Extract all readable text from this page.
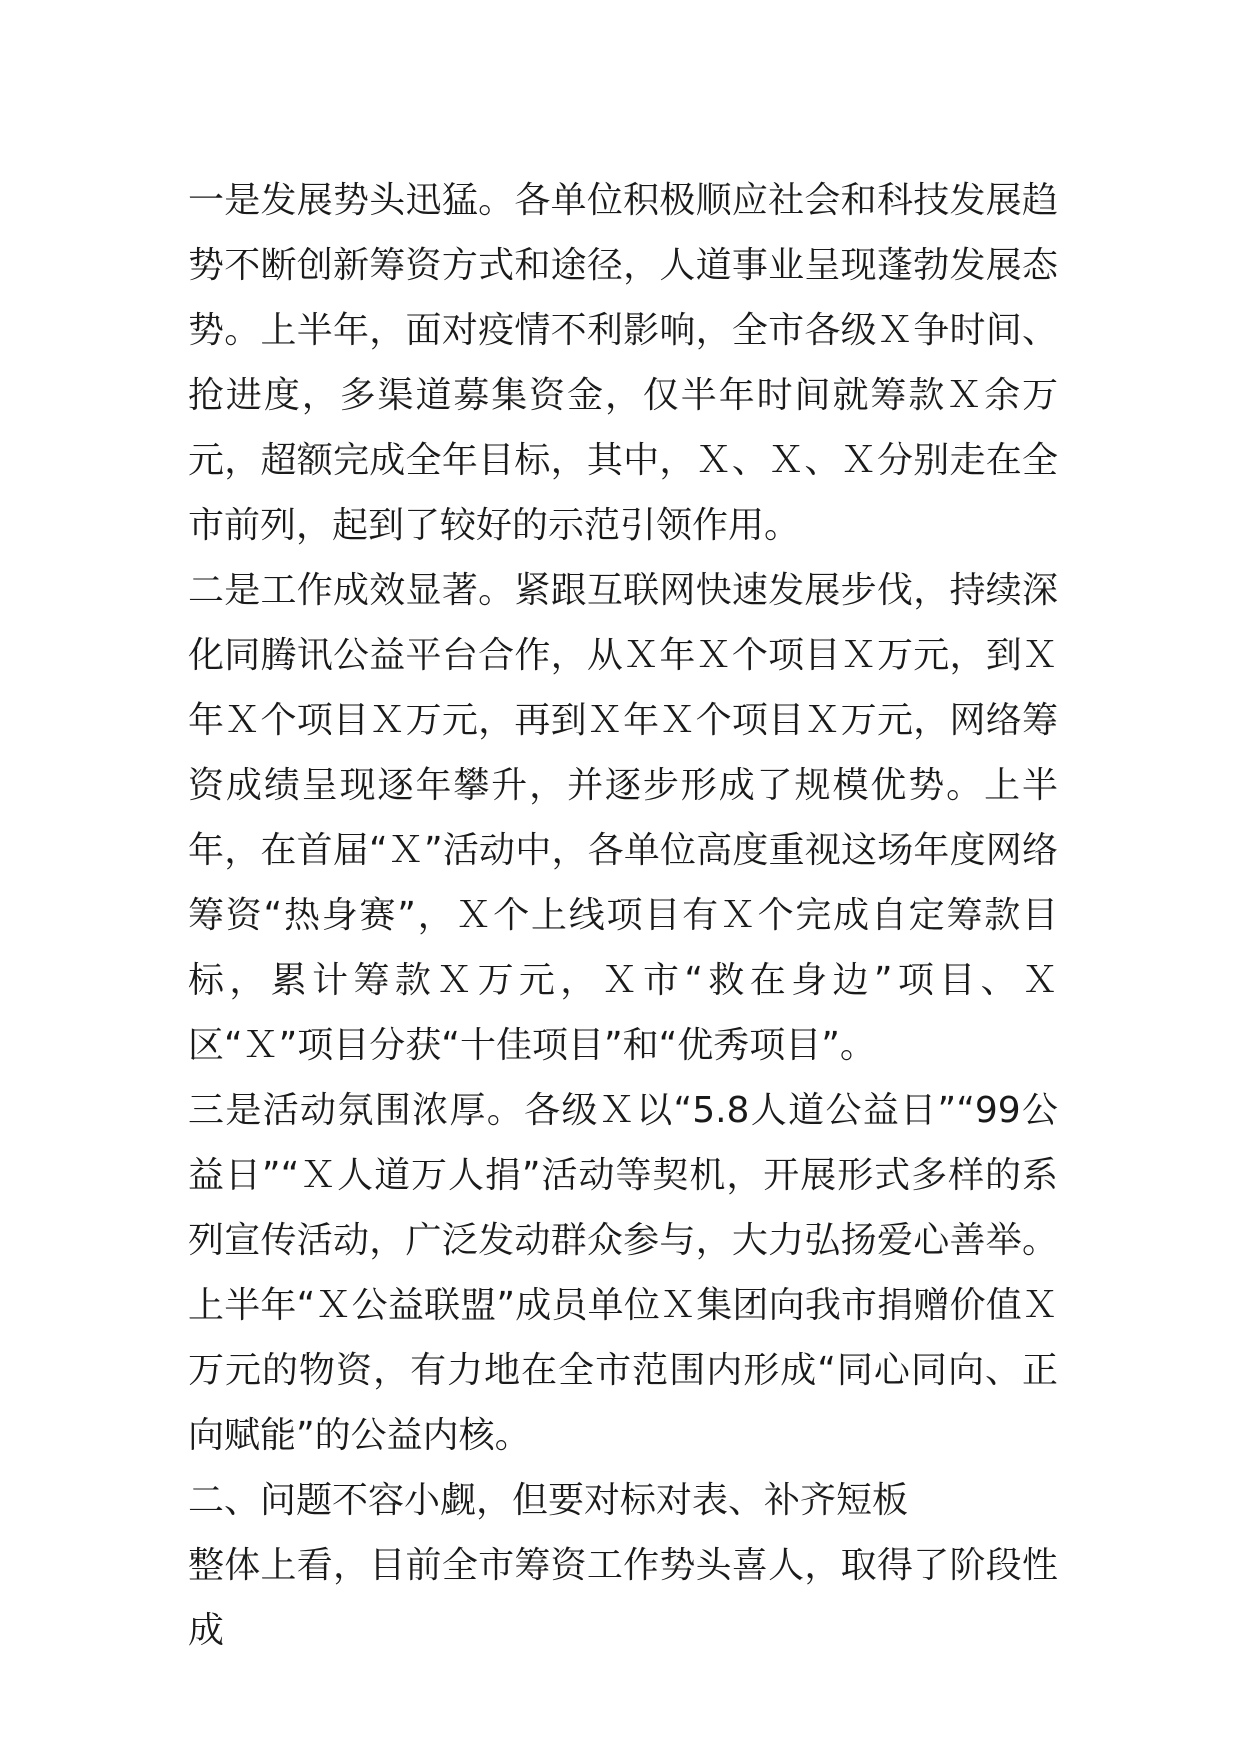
一是发展势头迅猛。各单位积极顺应社会和科技发展趋势不断创新筹资方式和途径，人道事业呈现蓬勃发展态势。上半年，面对疫情不利影响，全市各级Ｘ争时间、抢进度，多渠道募集资金，仅半年时间就筹款Ｘ余万元，超额完成全年目标，其中，Ｘ、Ｘ、Ｘ分别走在全市前列，起到了较好的示范引领作用。

二是工作成效显著。紧跟互联网快速发展步伐，持续深化同腾讯公益平台合作，从Ｘ年Ｘ个项目Ｘ万元，到Ｘ年Ｘ个项目Ｘ万元，再到Ｘ年Ｘ个项目Ｘ万元，网络筹资成绩呈现逐年攀升，并逐步形成了规模优势。上半年，在首届“Ｘ”活动中，各单位高度重视这场年度网络筹资“热身赛”，Ｘ个上线项目有Ｘ个完成自定筹款目标，累计筹款Ｘ万元，Ｘ市“救在身边”项目、Ｘ区“Ｘ”项目分获“十佳项目”和“优秀项目”。

三是活动氛围浓厚。各级Ｘ以“5.8人道公益日”“99公益日”“Ｘ人道万人捐”活动等契机，开展形式多样的系列宣传活动，广泛发动群众参与，大力弘扬爱心善举。上半年“Ｘ公益联盟”成员单位Ｘ集团向我市捐赠价值Ｘ万元的物资，有力地在全市范围内形成“同心同向、正向赋能”的公益内核。

二、问题不容小觑，但要对标对表、补齐短板

整体上看，目前全市筹资工作势头喜人，取得了阶段性成
